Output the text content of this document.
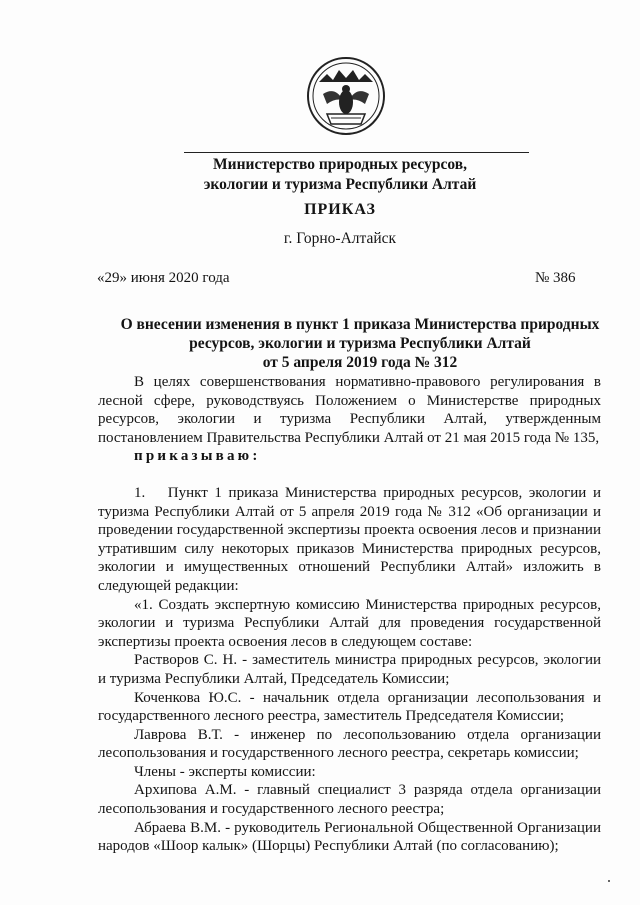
Министерство природных ресурсов,
экологии и туризма Республики Алтай
ПРИКАЗ
г. Горно-Алтайск
«29» июня 2020 года	№ 386
О внесении изменения в пункт 1 приказа Министерства природных
ресурсов, экологии и туризма Республики Алтай
от 5 апреля 2019 года № 312

В целях совершенствования нормативно-правового регулирования в лесной сфере, руководствуясь Положением о Министерстве природных ресурсов, экологии и туризма Республики Алтай, утвержденным постановлением Правительства Республики Алтай от 21 мая 2015 года № 135,

приказываю:

1.  Пункт 1 приказа Министерства природных ресурсов, экологии и туризма Республики Алтай от 5 апреля 2019 года № 312 «Об организации и проведении государственной экспертизы проекта освоения лесов и признании утратившим силу некоторых приказов Министерства природных ресурсов, экологии и имущественных отношений Республики Алтай» изложить в следующей редакции:

«1. Создать экспертную комиссию Министерства природных ресурсов, экологии и туризма Республики Алтай для проведения государственной экспертизы проекта освоения лесов в следующем составе:

Растворов С. Н. - заместитель министра природных ресурсов, экологии и туризма Республики Алтай, Председатель Комиссии;

Коченкова Ю.С. - начальник отдела организации лесопользования и государственного лесного реестра, заместитель Председателя Комиссии;

Лаврова В.Т. - инженер по лесопользованию отдела организации лесопользования и государственного лесного реестра, секретарь комиссии;

Члены - эксперты комиссии:

Архипова А.М. - главный специалист 3 разряда отдела организации лесопользования и государственного лесного реестра;

Абраева В.М. - руководитель Региональной Общественной Организации народов «Шоор калык» (Шорцы) Республики Алтай (по согласованию);
